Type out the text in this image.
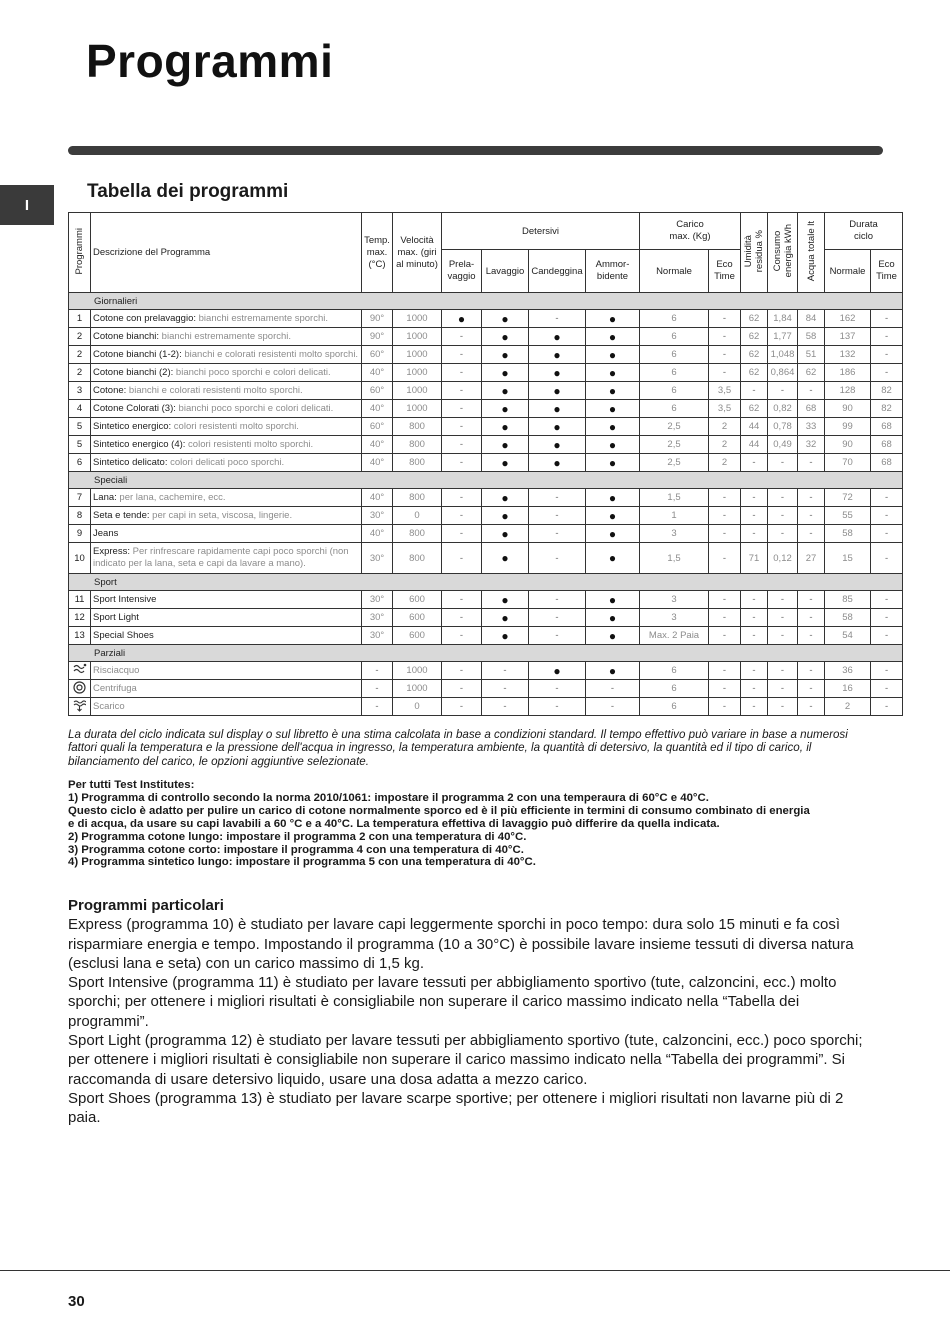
Programmi
I
Tabella dei programmi
Programmi	Descrizione del Programma	Temp.
max.
(°C)	Velocità
max. (giri
al minuto)	Detersivi				Carico
max. (Kg)		Umidità
residua %	Consumo
energia kWh	Acqua totale lt	Durata
ciclo	
				Prela-
vaggio	Lavaggio	Candeggina	Ammor-
bidente	Normale	Eco
Time				Normale	Eco
Time
Giornalieri														
1	Cotone con prelavaggio: bianchi estremamente sporchi.	90°	1000	●	●	-	●	6	-	62	1,84	84	162	-
2	Cotone bianchi: bianchi estremamente sporchi.	90°	1000	-	●	●	●	6	-	62	1,77	58	137	-
2	Cotone bianchi (1-2): bianchi e colorati resistenti molto sporchi.	60°	1000	-	●	●	●	6	-	62	1,048	51	132	-
2	Cotone bianchi (2): bianchi poco sporchi e colori delicati.	40°	1000	-	●	●	●	6	-	62	0,864	62	186	-
3	Cotone: bianchi e colorati resistenti molto sporchi.	60°	1000	-	●	●	●	6	3,5	-	-	-	128	82
4	Cotone Colorati (3): bianchi poco sporchi e colori delicati.	40°	1000	-	●	●	●	6	3,5	62	0,82	68	90	82
5	Sintetico energico: colori resistenti molto sporchi.	60°	800	-	●	●	●	2,5	2	44	0,78	33	99	68
5	Sintetico energico (4): colori resistenti molto sporchi.	40°	800	-	●	●	●	2,5	2	44	0,49	32	90	68
6	Sintetico delicato: colori delicati poco sporchi.	40°	800	-	●	●	●	2,5	2	-	-	-	70	68
Speciali														
7	Lana: per lana, cachemire, ecc.	40°	800	-	●	-	●	1,5	-	-	-	-	72	-
8	Seta e tende: per capi in seta, viscosa, lingerie.	30°	0	-	●	-	●	1	-	-	-	-	55	-
9	Jeans	40°	800	-	●	-	●	3	-	-	-	-	58	-
10	Express: Per rinfrescare rapidamente capi poco sporchi (non indicato per la lana, seta e capi da lavare a mano).	30°	800	-	●	-	●	1,5	-	71	0,12	27	15	-
Sport														
11	Sport Intensive	30°	600	-	●	-	●	3	-	-	-	-	85	-
12	Sport Light	30°	600	-	●	-	●	3	-	-	-	-	58	-
13	Special Shoes	30°	600	-	●	-	●	Max. 2 Paia	-	-	-	-	54	-
Parziali														
	Risciacquo	-	1000	-	-	●	●	6	-	-	-	-	36	-
	Centrifuga	-	1000	-	-	-	-	6	-	-	-	-	16	-
	Scarico	-	0	-	-	-	-	6	-	-	-	-	2	-
La durata del ciclo indicata sul display o sul libretto è una stima calcolata in base a condizioni standard. Il tempo effettivo può variare in base a numerosi fattori quali la temperatura e la pressione dell'acqua in ingresso, la temperatura ambiente, la quantità di detersivo, la quantità ed il tipo di carico, il bilanciamento del carico, le opzioni aggiuntive selezionate.
Per tutti Test Institutes:
1) Programma di controllo secondo la norma 2010/1061: impostare il programma 2 con una temperaura di 60°C e 40°C.
Questo ciclo è adatto per pulire un carico di cotone normalmente sporco ed è il più efficiente in termini di consumo combinato di energia
e di acqua, da usare su capi lavabili a 60 °C e a 40°C. La temperatura effettiva di lavaggio può differire da quella indicata.
2) Programma cotone lungo: impostare il programma 2 con una temperatura di 40°C.
3) Programma cotone corto: impostare il programma 4 con una temperatura di 40°C.
4) Programma sintetico lungo: impostare il programma 5 con una temperatura di 40°C.
Programmi particolari

Express (programma 10) è studiato per lavare capi leggermente sporchi in poco tempo: dura solo 15 minuti e fa così risparmiare energia e tempo. Impostando il programma (10 a 30°C) è possibile lavare insieme tessuti di diversa natura (esclusi lana e seta) con un carico massimo di 1,5 kg.

Sport Intensive (programma 11) è studiato per lavare tessuti per abbigliamento sportivo (tute, calzoncini, ecc.) molto sporchi; per ottenere i migliori risultati è consigliabile non superare il carico massimo indicato nella “Tabella dei programmi”.

Sport Light (programma 12) è studiato per lavare tessuti per abbigliamento sportivo (tute, calzoncini, ecc.) poco sporchi; per ottenere i migliori risultati è consigliabile non superare il carico massimo indicato nella “Tabella dei programmi”. Si raccomanda di usare detersivo liquido, usare una dosa adatta a mezzo carico.

Sport Shoes (programma 13) è studiato per lavare scarpe sportive; per ottenere i migliori risultati non lavarne più di 2 paia.

30
